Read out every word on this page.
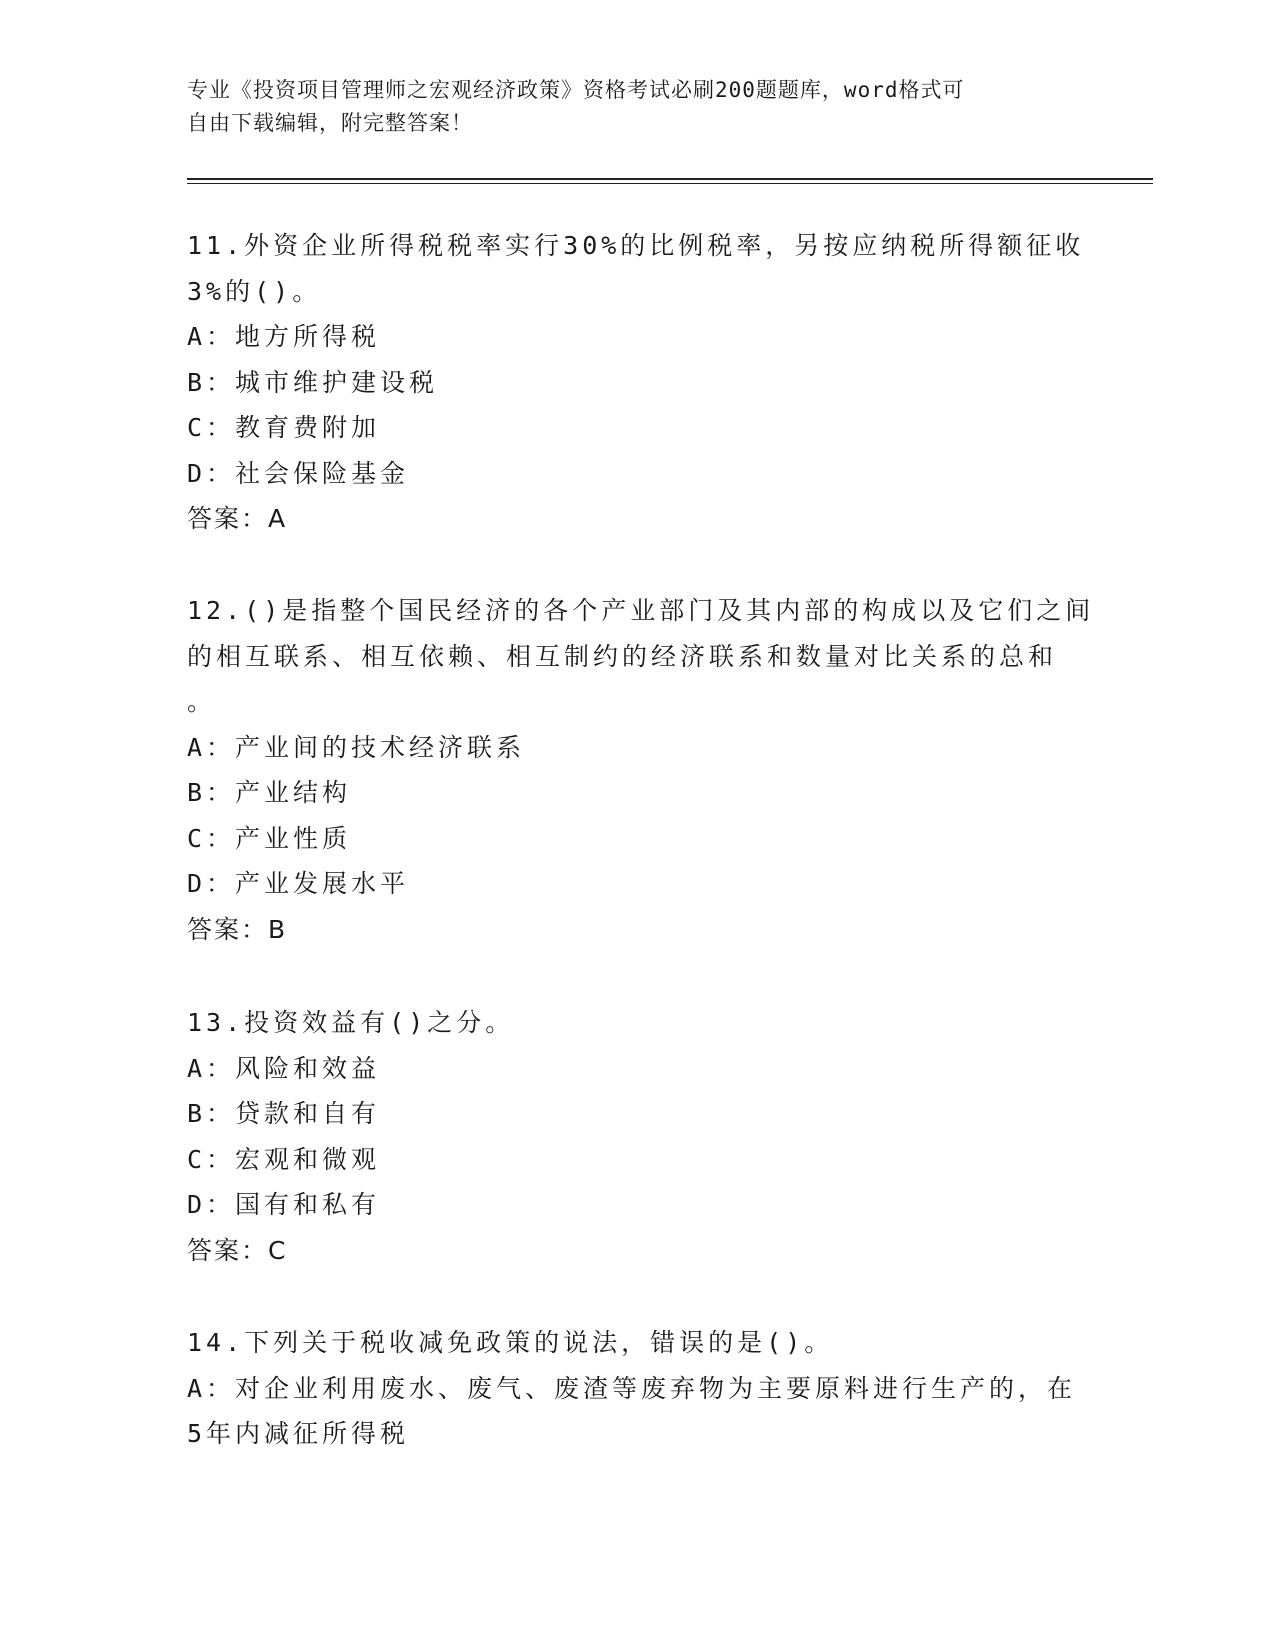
专业《投资项目管理师之宏观经济政策》资格考试必刷200题题库，word格式可
自由下载编辑，附完整答案！
11.外资企业所得税税率实行30%的比例税率，另按应纳税所得额征收
3%的()。
A：地方所得税
B：城市维护建设税
C：教育费附加
D：社会保险基金
答案：A
12.()是指整个国民经济的各个产业部门及其内部的构成以及它们之间
的相互联系、相互依赖、相互制约的经济联系和数量对比关系的总和
。
A：产业间的技术经济联系
B：产业结构
C：产业性质
D：产业发展水平
答案：B
13.投资效益有()之分。
A：风险和效益
B：贷款和自有
C：宏观和微观
D：国有和私有
答案：C
14.下列关于税收减免政策的说法，错误的是()。
A：对企业利用废水、废气、废渣等废弃物为主要原料进行生产的，在
5年内减征所得税
